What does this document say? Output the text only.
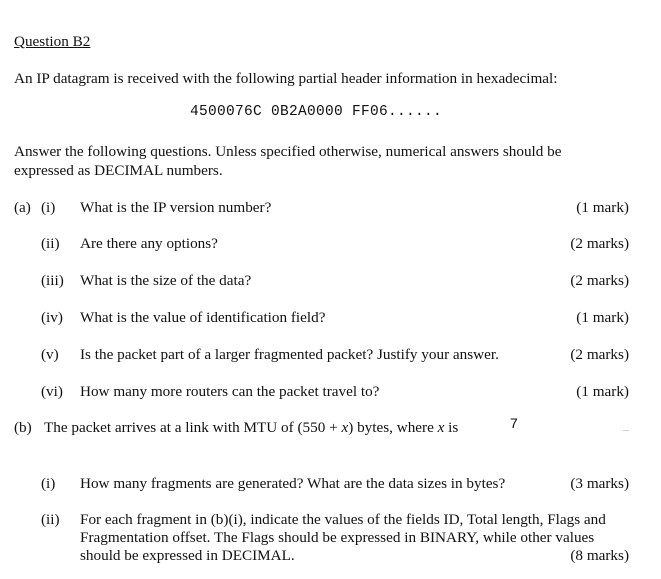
Question B2
An IP datagram is received with the following partial header information in hexadecimal:
4500076C 0B2A0000 FF06......
Answer the following questions. Unless specified otherwise, numerical answers should be
expressed as DECIMAL numbers.
(a) (i) What is the IP version number?	(1 mark)
(ii) Are there any options?	(2 marks)
(iii) What is the size of the data?	(2 marks)
(iv) What is the value of identification field?	(1 mark)
(v) Is the packet part of a larger fragmented packet? Justify your answer.	(2 marks)
(vi) How many more routers can the packet travel to?	(1 mark)
(b) The packet arrives at a link with MTU of (550 + x) bytes, where x is	7
(i) How many fragments are generated? What are the data sizes in bytes?	(3 marks)
(ii) For each fragment in (b)(i), indicate the values of the fields ID, Total length, Flags and
Fragmentation offset. The Flags should be expressed in BINARY, while other values
should be expressed in DECIMAL.	(8 marks)
